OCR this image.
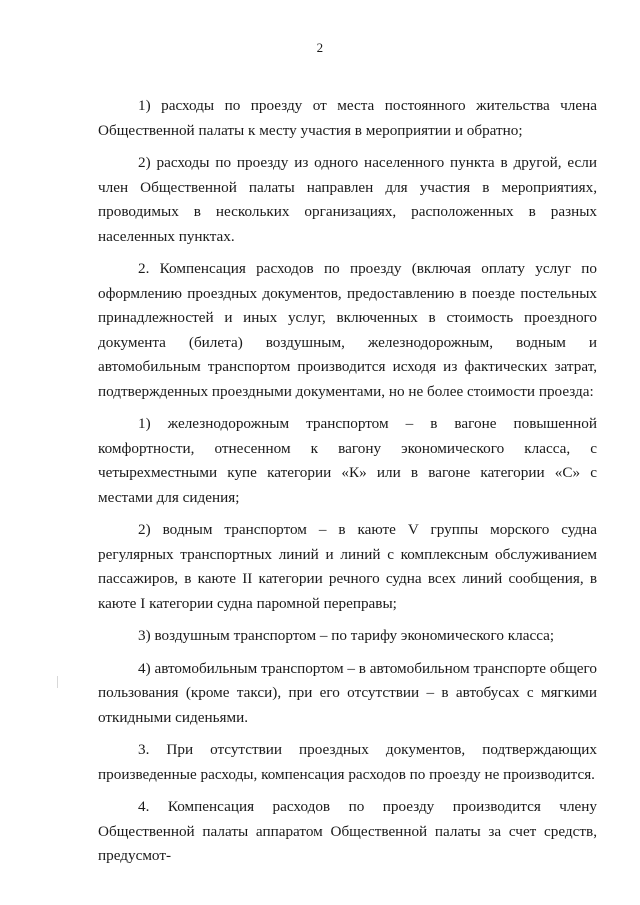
2

1) расходы по проезду от места постоянного жительства члена Общественной палаты к месту участия в мероприятии и обратно;

2) расходы по проезду из одного населенного пункта в другой, если член Общественной палаты направлен для участия в мероприятиях, проводимых в нескольких организациях, расположенных в разных населенных пунктах.

2. Компенсация расходов по проезду (включая оплату услуг по оформлению проездных документов, предоставлению в поезде постельных принадлежностей и иных услуг, включенных в стоимость проездного документа (билета) воздушным, железнодорожным, водным и автомобильным транспортом производится исходя из фактических затрат, подтвержденных проездными документами, но не более стоимости проезда:

1) железнодорожным транспортом – в вагоне повышенной комфортности, отнесенном к вагону экономического класса, с четырехместными купе категории «К» или в вагоне категории «С» с местами для сидения;

2) водным транспортом – в каюте V группы морского судна регулярных транспортных линий и линий с комплексным обслуживанием пассажиров, в каюте II категории речного судна всех линий сообщения, в каюте I категории судна паромной переправы;

3) воздушным транспортом – по тарифу экономического класса;

4) автомобильным транспортом – в автомобильном транспорте общего пользования (кроме такси), при его отсутствии – в автобусах с мягкими откидными сиденьями.

3. При отсутствии проездных документов, подтверждающих произведенные расходы, компенсация расходов по проезду не производится.

4. Компенсация расходов по проезду производится члену Общественной палаты аппаратом Общественной палаты за счет средств, предусмот-
